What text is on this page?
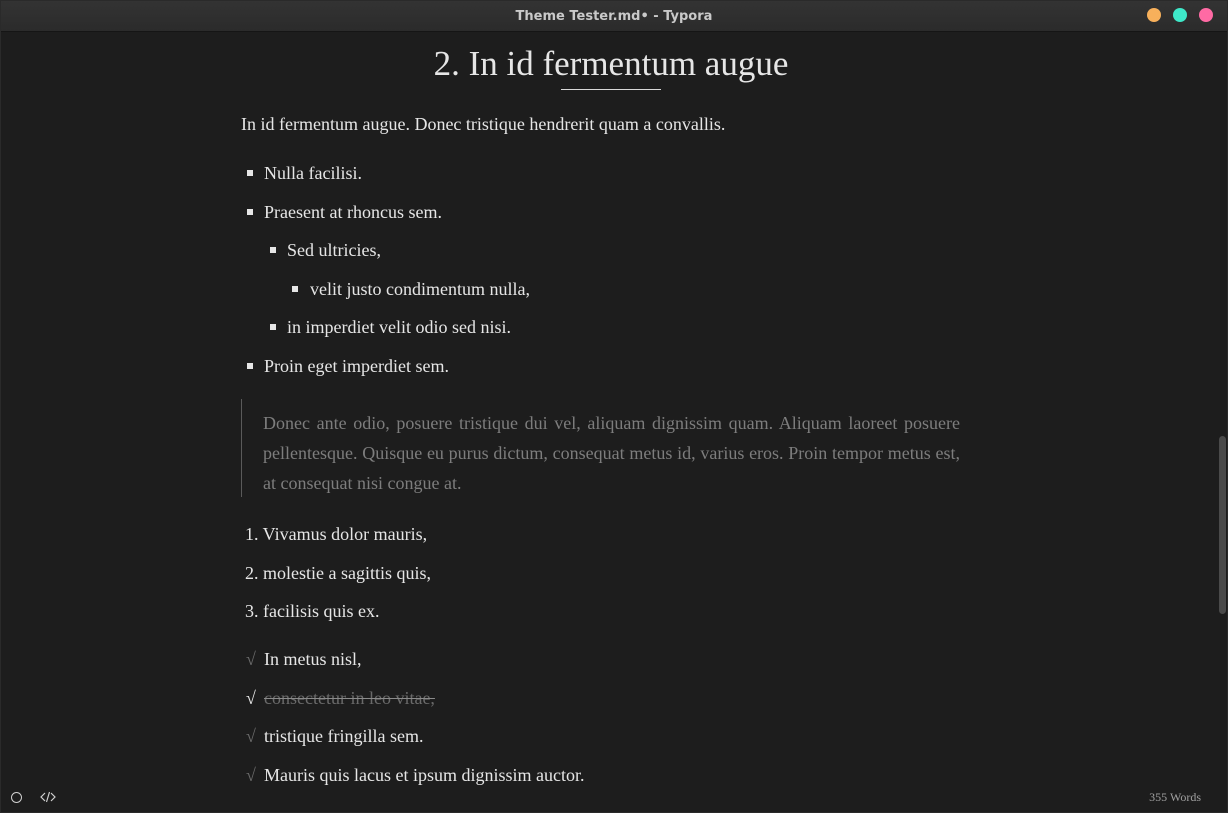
Theme Tester.md• - Typora
2. In id fermentum augue
In id fermentum augue. Donec tristique hendrerit quam a convallis.
Nulla facilisi.
Praesent at rhoncus sem.
Sed ultricies,
velit justo condimentum nulla,
in imperdiet velit odio sed nisi.
Proin eget imperdiet sem.
Donec ante odio, posuere tristique dui vel, aliquam dignissim quam. Aliquam laoreet posuere pellentesque. Quisque eu purus dictum, consequat metus id, varius eros. Proin tempor metus est, at consequat nisi congue at.
1. Vivamus dolor mauris,
2. molestie a sagittis quis,
3. facilisis quis ex.
√ In metus nisl,
√ consectetur in leo vitae,
√ tristique fringilla sem.
√ Mauris quis lacus et ipsum dignissim auctor.
355 Words
